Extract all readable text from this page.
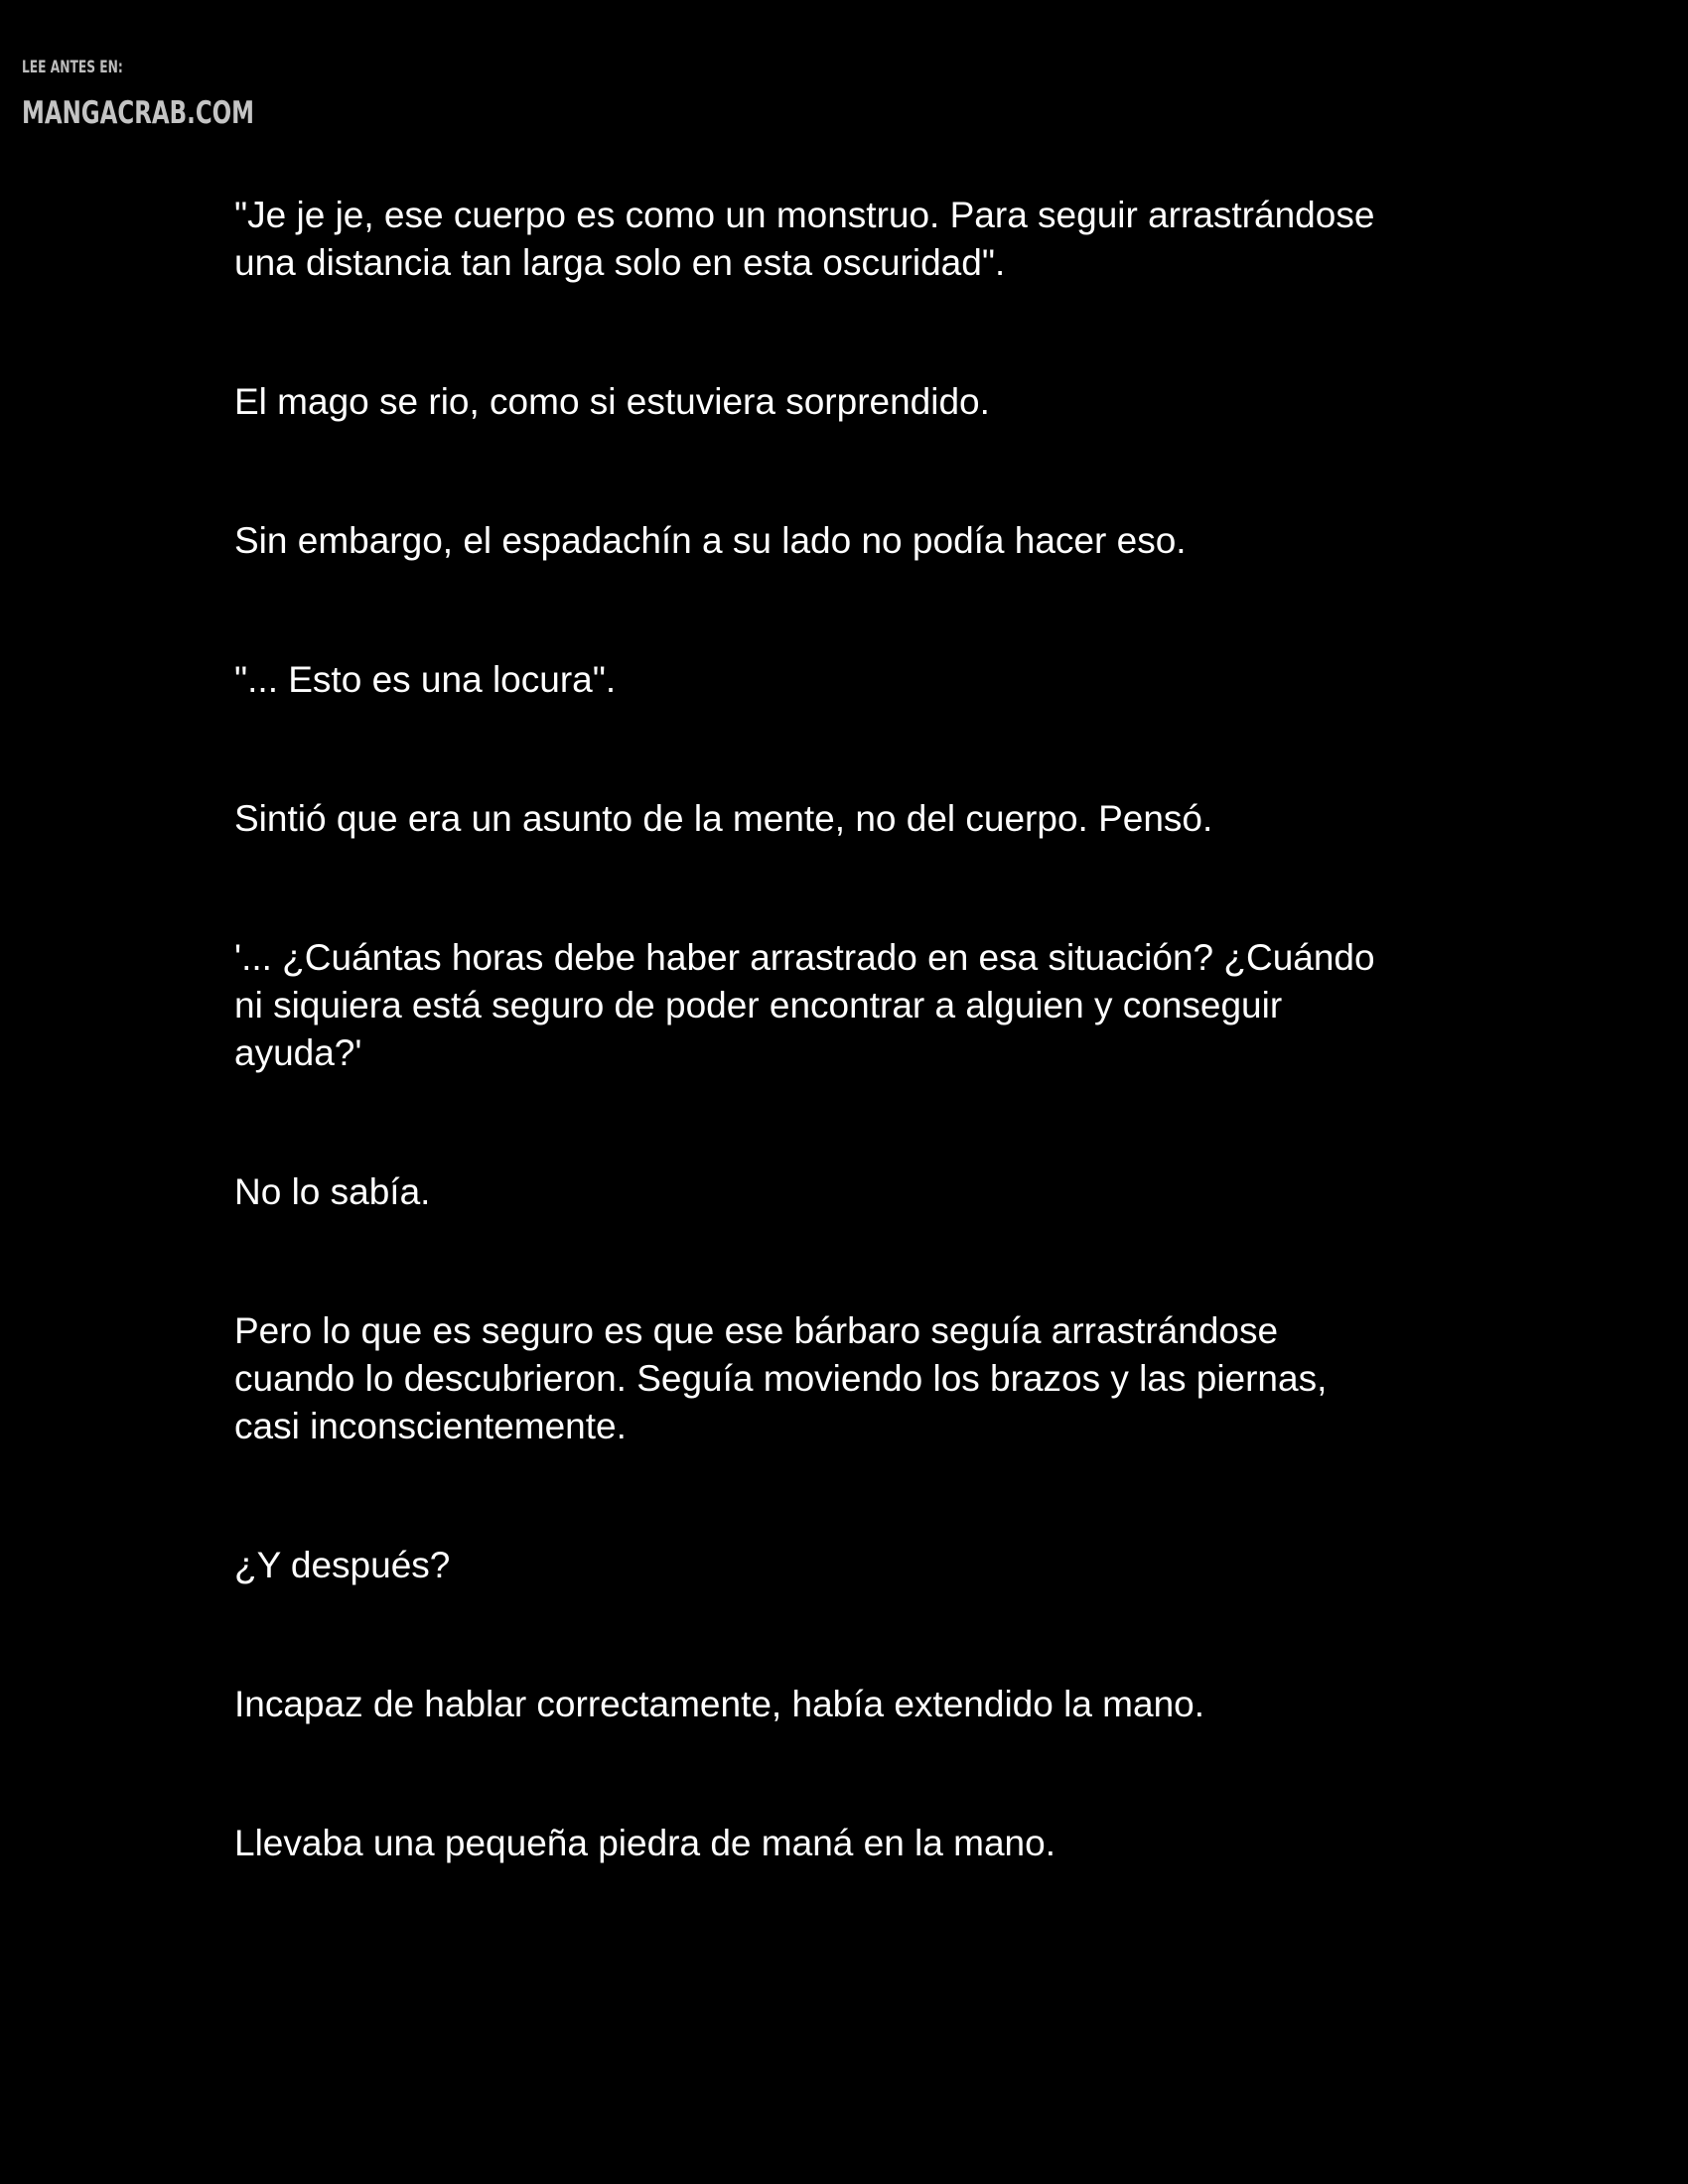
LEE ANTES EN:
MANGACRAB.COM

"Je je je, ese cuerpo es como un monstruo. Para seguir arrastrándose
una distancia tan larga solo en esta oscuridad".

El mago se rio, como si estuviera sorprendido.

Sin embargo, el espadachín a su lado no podía hacer eso.

"... Esto es una locura".

Sintió que era un asunto de la mente, no del cuerpo. Pensó.

'... ¿Cuántas horas debe haber arrastrado en esa situación? ¿Cuándo
ni siquiera está seguro de poder encontrar a alguien y conseguir
ayuda?'

No lo sabía.

Pero lo que es seguro es que ese bárbaro seguía arrastrándose
cuando lo descubrieron. Seguía moviendo los brazos y las piernas,
casi inconscientemente.

¿Y después?

Incapaz de hablar correctamente, había extendido la mano.

Llevaba una pequeña piedra de maná en la mano.
